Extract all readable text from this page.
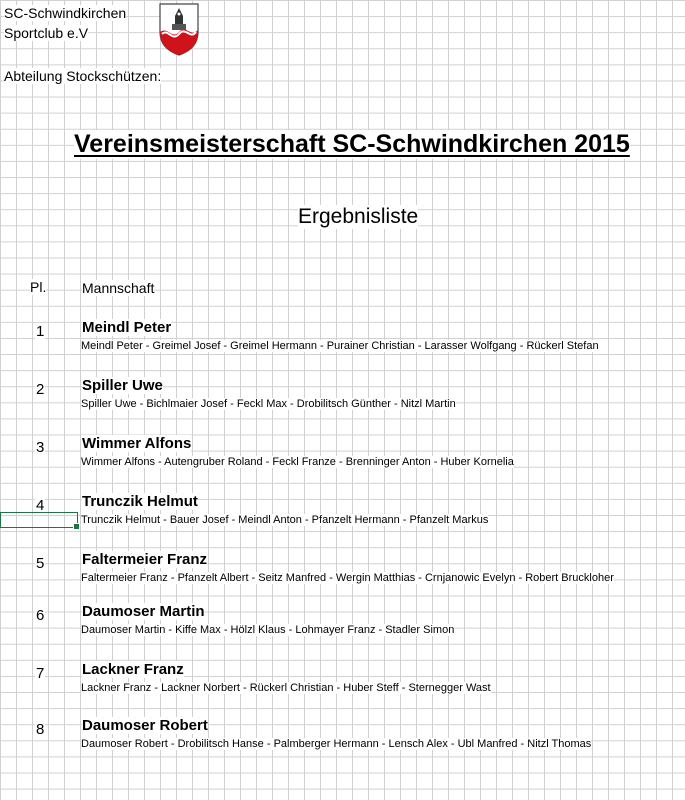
SC-Schwindkirchen
Sportclub e.V
Abteilung Stockschützen:
Vereinsmeisterschaft SC-Schwindkirchen 2015
Ergebnisliste
Pl.	Mannschaft
1	Meindl Peter
Meindl Peter - Greimel Josef - Greimel Hermann - Purainer Christian - Larasser Wolfgang - Rückerl Stefan
2	Spiller Uwe
Spiller Uwe - Bichlmaier Josef - Feckl Max - Drobilitsch Günther - Nitzl Martin
3	Wimmer Alfons
Wimmer Alfons - Autengruber Roland - Feckl Franze - Brenninger Anton - Huber Kornelia
4	Trunczik Helmut
Trunczik Helmut - Bauer Josef - Meindl Anton - Pfanzelt Hermann - Pfanzelt Markus
5	Faltermeier Franz
Faltermeier Franz - Pfanzelt Albert - Seitz Manfred - Wergin Matthias - Crnjanowic Evelyn - Robert Bruckloher
6	Daumoser Martin
Daumoser Martin - Kiffe Max - Hölzl Klaus - Lohmayer Franz - Stadler Simon
7	Lackner Franz
Lackner Franz - Lackner Norbert - Rückerl Christian - Huber Steff - Sternegger Wast
8	Daumoser Robert
Daumoser Robert - Drobilitsch Hanse - Palmberger Hermann - Lensch Alex - Ubl Manfred - Nitzl Thomas
